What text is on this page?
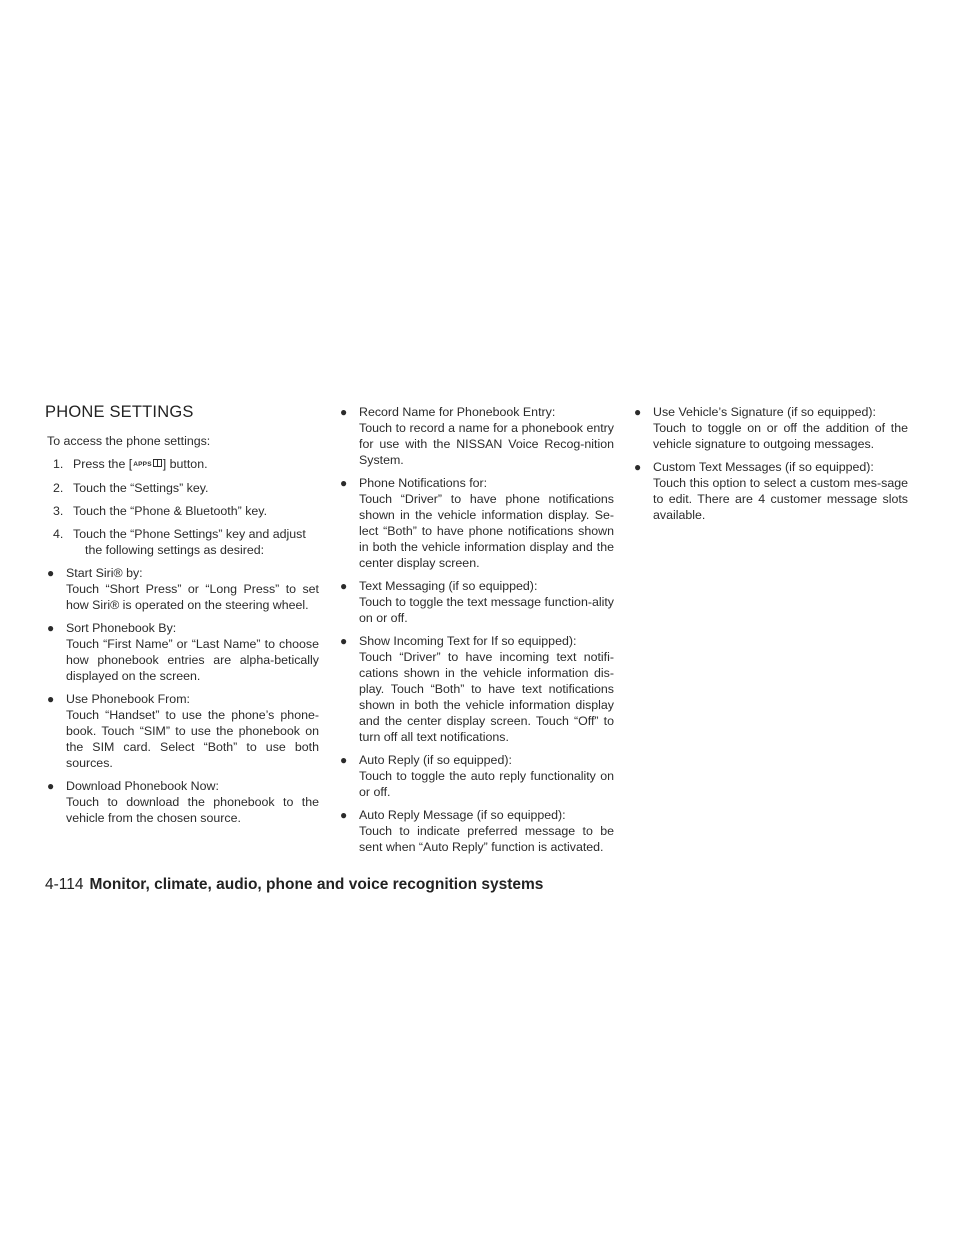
PHONE SETTINGS

To access the phone settings:

1. Press the [APPS ] button.
2. Touch the “Settings” key.
3. Touch the “Phone & Bluetooth” key.
4. Touch the “Phone Settings” key and adjust
the following settings as desired:
● Start Siri® by:
Touch “Short Press” or “Long Press” to set how Siri® is operated on the steering wheel.
● Sort Phonebook By:
Touch “First Name” or “Last Name” to choose how phonebook entries are alpha-betically displayed on the screen.
● Use Phonebook From:
Touch “Handset” to use the phone’s phone-book. Touch “SIM” to use the phonebook on the SIM card. Select “Both” to use both sources.
● Download Phonebook Now:
Touch to download the phonebook to the vehicle from the chosen source.
● Record Name for Phonebook Entry:
Touch to record a name for a phonebook entry for use with the NISSAN Voice Recog-nition System.
● Phone Notifications for:
Touch “Driver” to have phone notifications shown in the vehicle information display. Se-lect “Both” to have phone notifications shown in both the vehicle information display and the center display screen.
● Text Messaging (if so equipped):
Touch to toggle the text message function-ality on or off.
● Show Incoming Text for If so equipped):
Touch “Driver” to have incoming text notifi-cations shown in the vehicle information dis-play. Touch “Both” to have text notifications shown in both the vehicle information display and the center display screen. Touch “Off” to turn off all text notifications.
● Auto Reply (if so equipped):
Touch to toggle the auto reply functionality on or off.
● Auto Reply Message (if so equipped):
Touch to indicate preferred message to be sent when “Auto Reply” function is activated.
● Use Vehicle’s Signature (if so equipped):
Touch to toggle on or off the addition of the vehicle signature to outgoing messages.
● Custom Text Messages (if so equipped):
Touch this option to select a custom mes-sage to edit. There are 4 customer message slots available.
4-114 Monitor, climate, audio, phone and voice recognition systems
